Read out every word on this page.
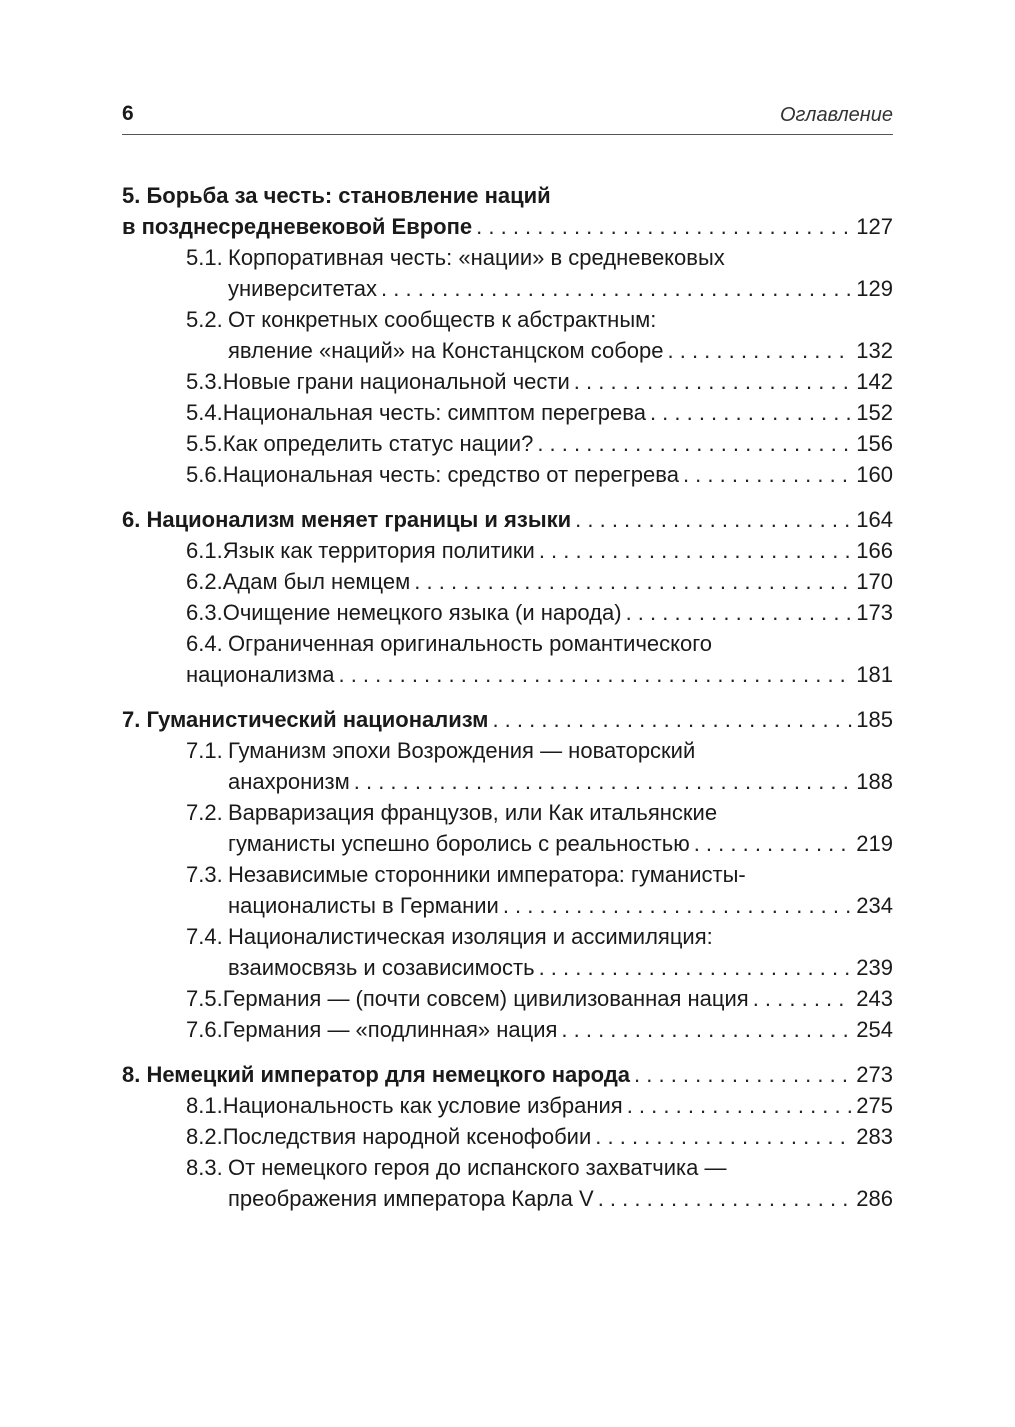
6	Оглавление
5. Борьба за честь: становление наций
в позднесредневековой Европе . . .	127
5.1. Корпоративная честь: «нации» в средневековых
университетах . . .	129
5.2. От конкретных сообществ к абстрактным:
явление «наций» на Констанцском соборе . . .	132
5.3. Новые грани национальной чести . . .	142
5.4. Национальная честь: симптом перегрева . . .	152
5.5. Как определить статус нации? . . .	156
5.6. Национальная честь: средство от перегрева . . .	160
6. Национализм меняет границы и языки . . .	164
6.1. Язык как территория политики . . .	166
6.2. Адам был немцем . . .	170
6.3. Очищение немецкого языка (и народа) . . .	173
6.4. Ограниченная оригинальность романтического
национализма . . .	181
7. Гуманистический национализм . . .	185
7.1. Гуманизм эпохи Возрождения — новаторский
анахронизм . . .	188
7.2. Варваризация французов, или Как итальянские
гуманисты успешно боролись с реальностью . . .	219
7.3. Независимые сторонники императора: гуманисты-
националисты в Германии . . .	234
7.4. Националистическая изоляция и ассимиляция:
взаимосвязь и созависимость . . .	239
7.5. Германия — (почти совсем) цивилизованная нация . . .	243
7.6. Германия — «подлинная» нация . . .	254
8. Немецкий император для немецкого народа . . .	273
8.1. Национальность как условие избрания . . .	275
8.2. Последствия народной ксенофобии . . .	283
8.3. От немецкого героя до испанского захватчика —
преображения императора Карла V . . .	286
